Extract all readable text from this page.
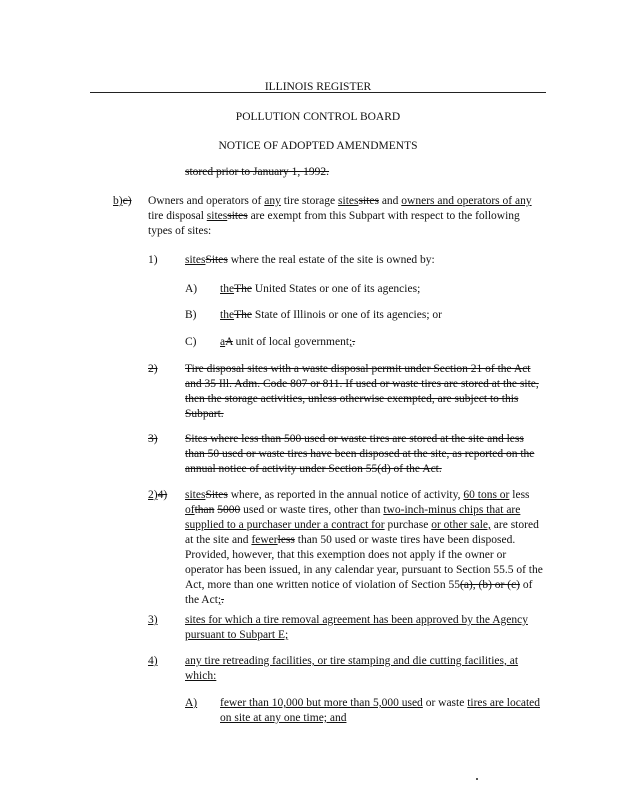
ILLINOIS REGISTER
POLLUTION CONTROL BOARD
NOTICE OF ADOPTED AMENDMENTS
stored prior to January 1, 1992.
b)c) Owners and operators of any tire storage sitessites and owners and operators of any tire disposal sitessites are exempt from this Subpart with respect to the following types of sites:
1) sitesSites where the real estate of the site is owned by:
A) theThe United States or one of its agencies;
B) theThe State of Illinois or one of its agencies; or
C) aA unit of local government;.
2) Tire disposal sites with a waste disposal permit under Section 21 of the Act and 35 Ill. Adm. Code 807 or 811. If used or waste tires are stored at the site, then the storage activities, unless otherwise exempted, are subject to this Subpart.
3) Sites where less than 500 used or waste tires are stored at the site and less than 50 used or waste tires have been disposed at the site, as reported on the annual notice of activity under Section 55(d) of the Act.
2)4) sitesSites where, as reported in the annual notice of activity, 60 tons or less ofthan 5000 used or waste tires, other than two-inch-minus chips that are supplied to a purchaser under a contract for purchase or other sale, are stored at the site and fewerless than 50 used or waste tires have been disposed. Provided, however, that this exemption does not apply if the owner or operator has been issued, in any calendar year, pursuant to Section 55.5 of the Act, more than one written notice of violation of Section 55(a), (b) or (c) of the Act;.
3) sites for which a tire removal agreement has been approved by the Agency pursuant to Subpart E;
4) any tire retreading facilities, or tire stamping and die cutting facilities, at which:
A) fewer than 10,000 but more than 5,000 used or waste tires are located on site at any one time; and
